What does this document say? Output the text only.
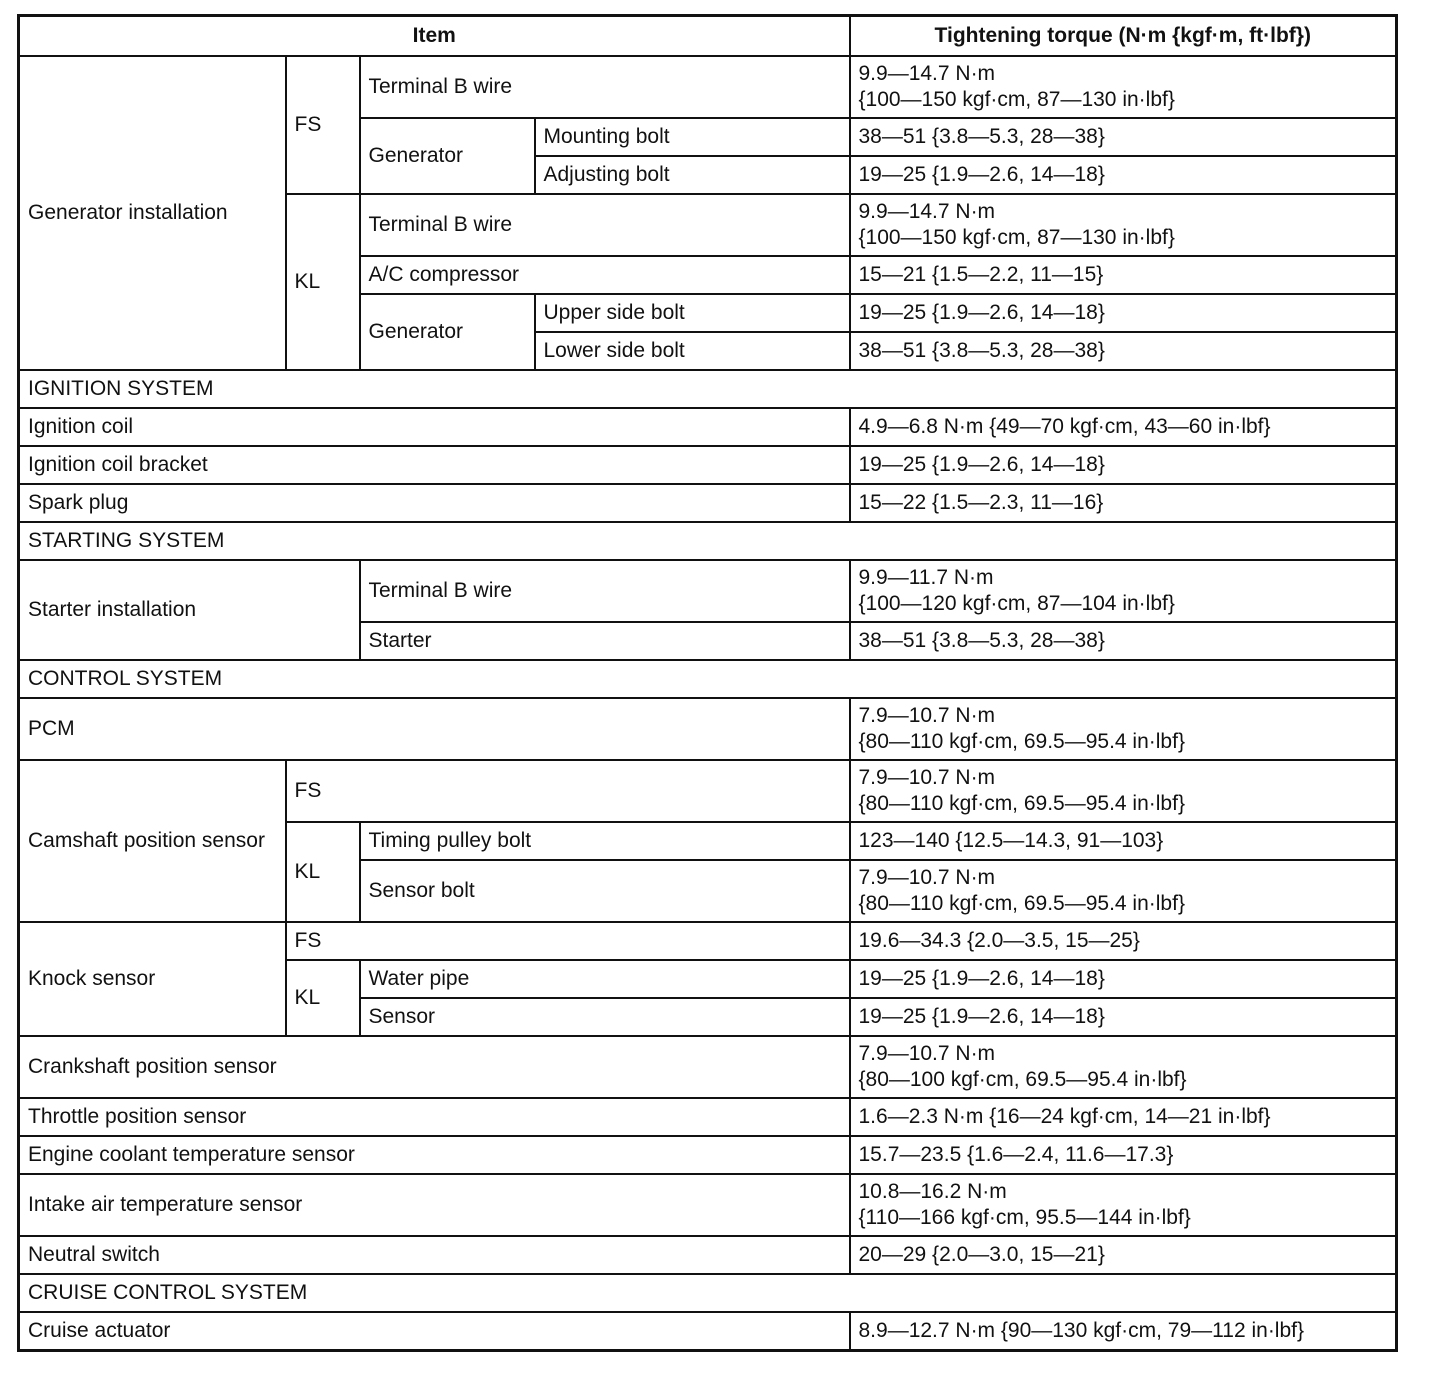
Item				Tightening torque (N·m {kgf·m, ft·lbf})
Generator installation	FS	Terminal B wire		9.9—14.7 N·m
{100—150 kgf·cm, 87—130 in·lbf}

		Generator	Mounting bolt	38—51 {3.8—5.3, 28—38}
			Adjusting bolt	19—25 {1.9—2.6, 14—18}
	KL	Terminal B wire		9.9—14.7 N·m
{100—150 kgf·cm, 87—130 in·lbf}

		A/C compressor		15—21 {1.5—2.2, 11—15}
		Generator	Upper side bolt	19—25 {1.9—2.6, 14—18}
			Lower side bolt	38—51 {3.8—5.3, 28—38}
IGNITION SYSTEM				
Ignition coil				4.9—6.8 N·m {49—70 kgf·cm, 43—60 in·lbf}
Ignition coil bracket				19—25 {1.9—2.6, 14—18}
Spark plug				15—22 {1.5—2.3, 11—16}
STARTING SYSTEM				
Starter installation		Terminal B wire		9.9—11.7 N·m
{100—120 kgf·cm, 87—104 in·lbf}

		Starter		38—51 {3.8—5.3, 28—38}
CONTROL SYSTEM				
PCM				7.9—10.7 N·m
{80—110 kgf·cm, 69.5—95.4 in·lbf}

Camshaft position sensor	FS			7.9—10.7 N·m
{80—110 kgf·cm, 69.5—95.4 in·lbf}

	KL	Timing pulley bolt		123—140 {12.5—14.3, 91—103}
		Sensor bolt		7.9—10.7 N·m
{80—110 kgf·cm, 69.5—95.4 in·lbf}

Knock sensor	FS			19.6—34.3 {2.0—3.5, 15—25}
	KL	Water pipe		19—25 {1.9—2.6, 14—18}
		Sensor		19—25 {1.9—2.6, 14—18}
Crankshaft position sensor				7.9—10.7 N·m
{80—100 kgf·cm, 69.5—95.4 in·lbf}

Throttle position sensor				1.6—2.3 N·m {16—24 kgf·cm, 14—21 in·lbf}
Engine coolant temperature sensor				15.7—23.5 {1.6—2.4, 11.6—17.3}
Intake air temperature sensor				10.8—16.2 N·m
{110—166 kgf·cm, 95.5—144 in·lbf}

Neutral switch				20—29 {2.0—3.0, 15—21}
CRUISE CONTROL SYSTEM				
Cruise actuator				8.9—12.7 N·m {90—130 kgf·cm, 79—112 in·lbf}
